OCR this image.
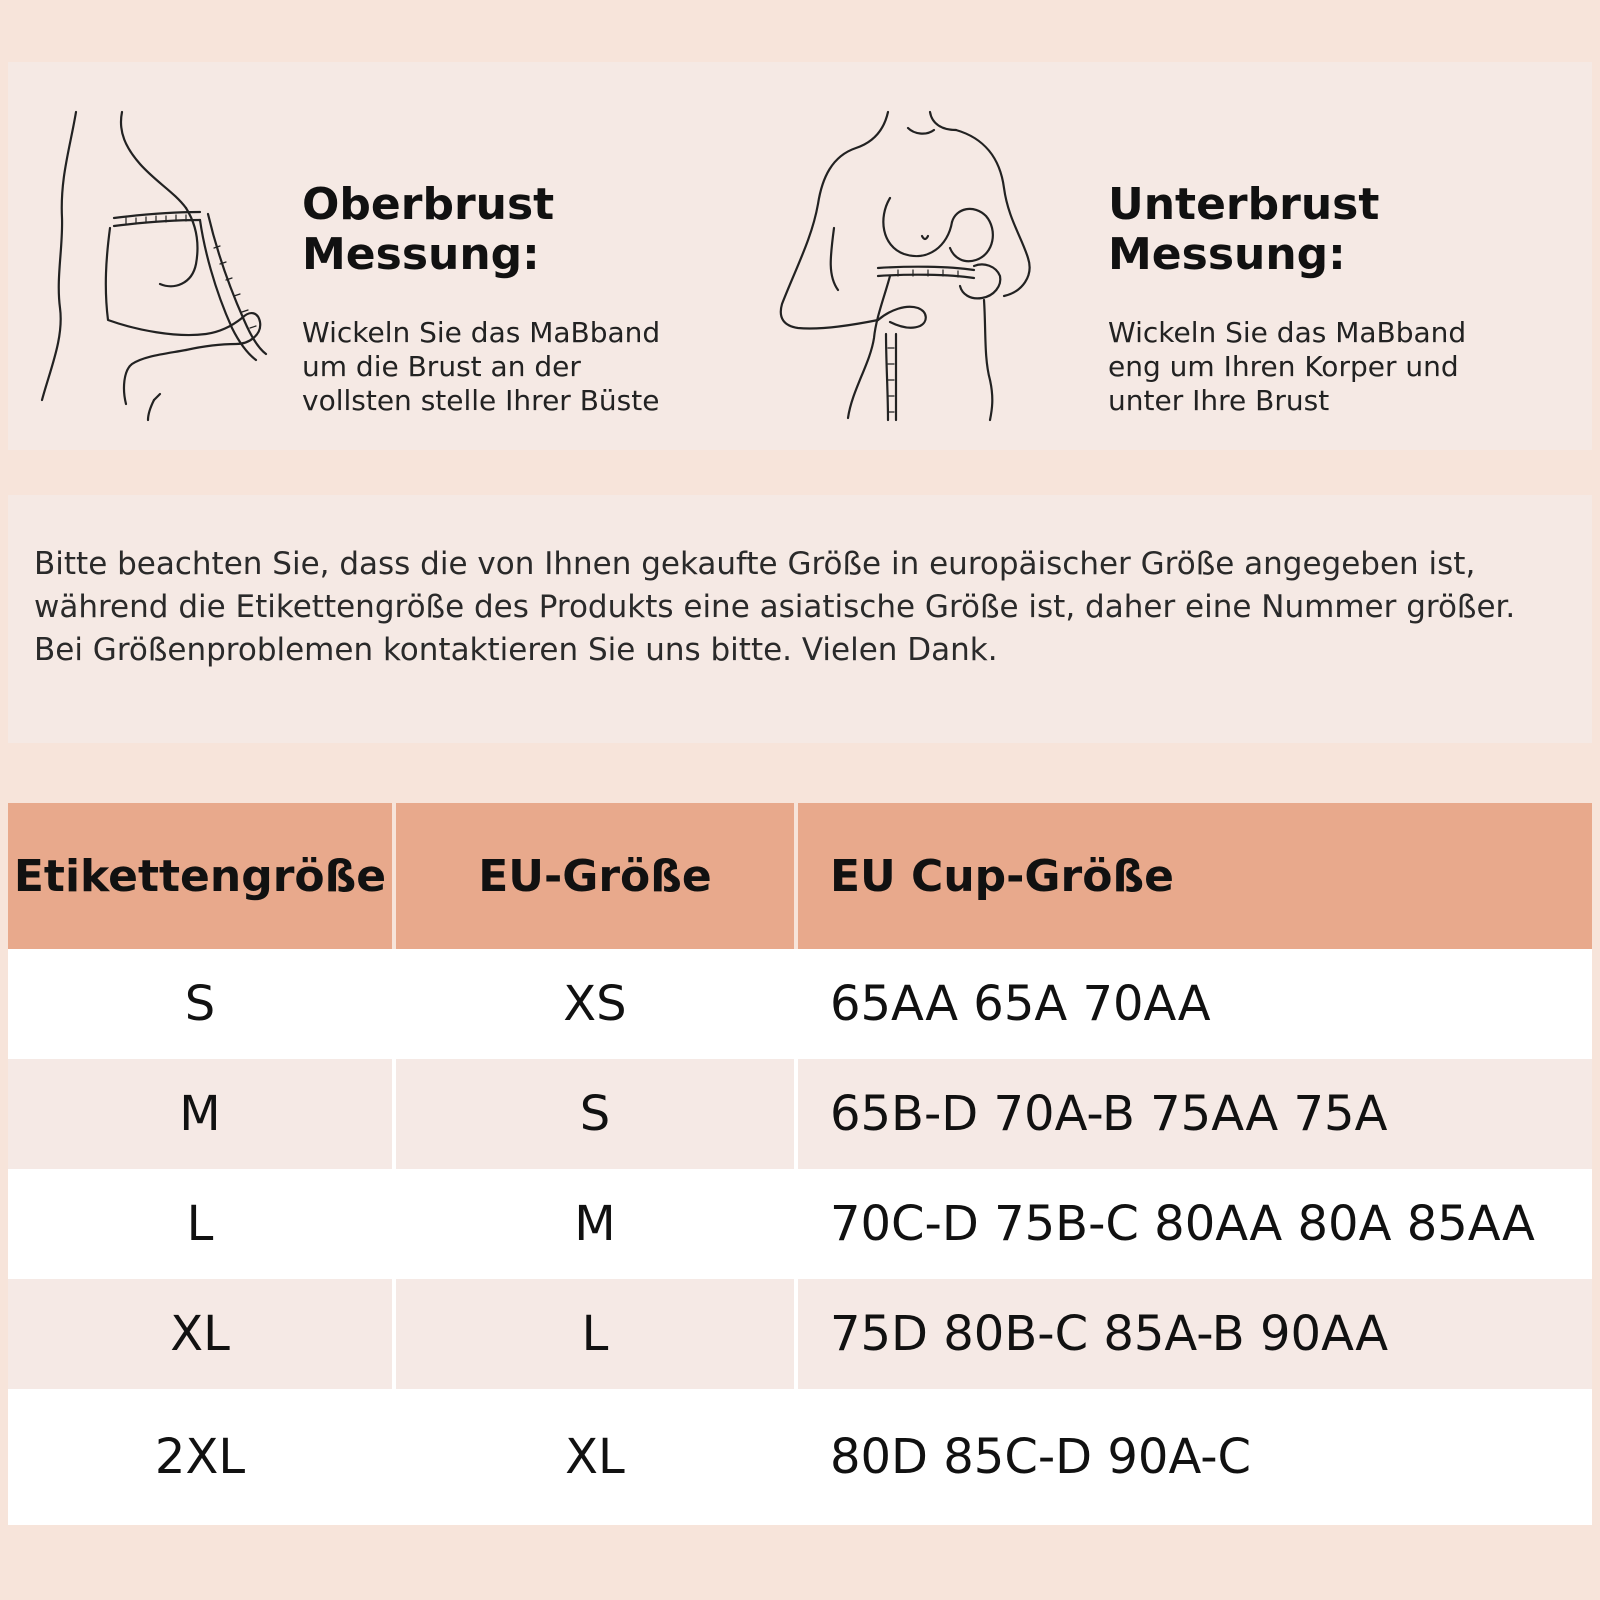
Oberbrust
Messung:
Wickeln Sie das MaBband
um die Brust an der
vollsten stelle Ihrer Büste
Unterbrust
Messung:
Wickeln Sie das MaBband
eng um Ihren Korper und
unter Ihre Brust
Bitte beachten Sie, dass die von Ihnen gekaufte Größe in europäischer Größe angegeben ist, während die Etikettengröße des Produkts eine asiatische Größe ist, daher eine Nummer größer. Bei Größenproblemen kontaktieren Sie uns bitte. Vielen Dank.
Etikettengröße	EU-Größe	EU Cup-Größe
S	XS	65AA 65A 70AA
M	S	65B-D 70A-B 75AA 75A
L	M	70C-D 75B-C 80AA 80A 85AA
XL	L	75D 80B-C 85A-B 90AA
2XL	XL	80D 85C-D 90A-C
